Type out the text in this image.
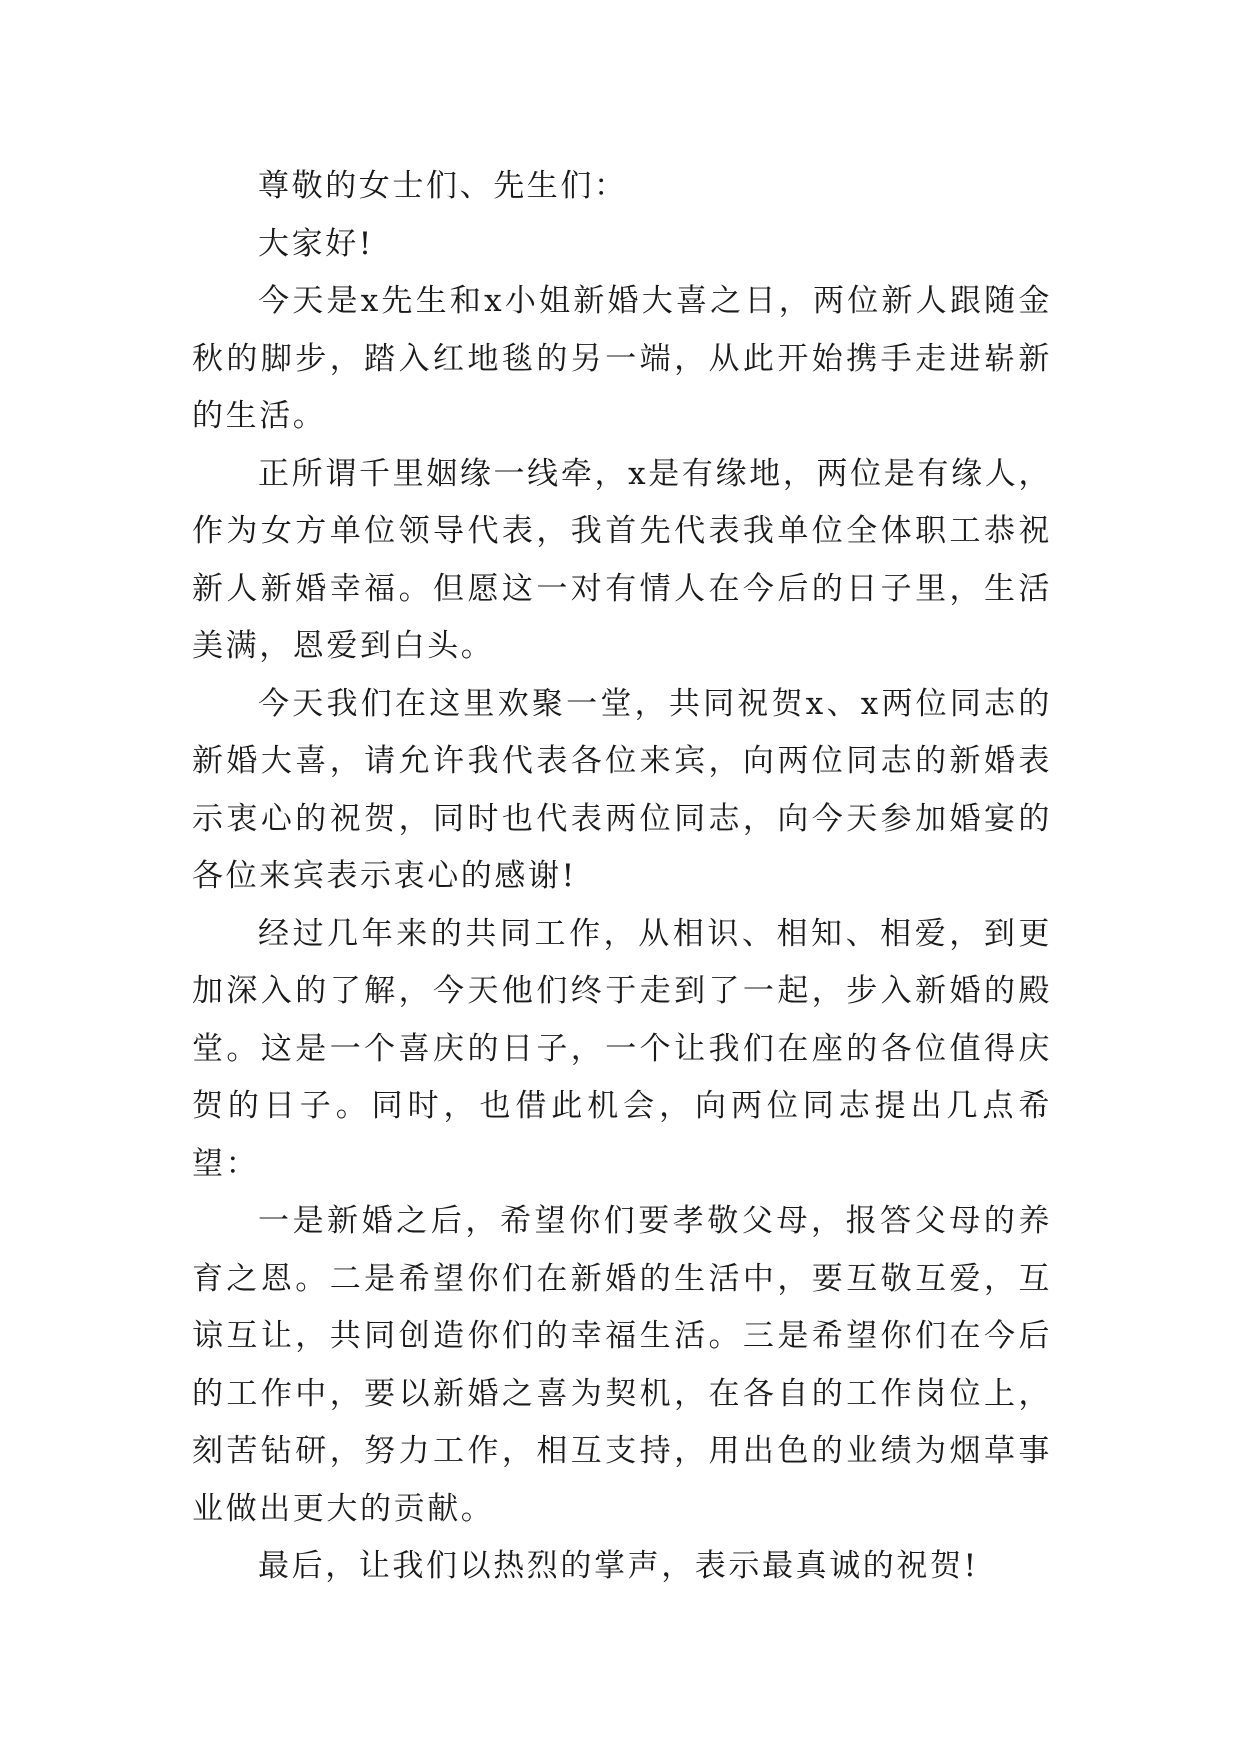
尊敬的女士们、先生们：

大家好!

今天是x先生和x小姐新婚大喜之日，两位新人跟随金秋的脚步，踏入红地毯的另一端，从此开始携手走进崭新的生活。

正所谓千里姻缘一线牵，x是有缘地，两位是有缘人，作为女方单位领导代表，我首先代表我单位全体职工恭祝新人新婚幸福。但愿这一对有情人在今后的日子里，生活美满，恩爱到白头。

今天我们在这里欢聚一堂，共同祝贺x、x两位同志的新婚大喜，请允许我代表各位来宾，向两位同志的新婚表示衷心的祝贺，同时也代表两位同志，向今天参加婚宴的各位来宾表示衷心的感谢!

经过几年来的共同工作，从相识、相知、相爱，到更加深入的了解，今天他们终于走到了一起，步入新婚的殿堂。这是一个喜庆的日子，一个让我们在座的各位值得庆贺的日子。同时，也借此机会，向两位同志提出几点希望：

一是新婚之后，希望你们要孝敬父母，报答父母的养育之恩。二是希望你们在新婚的生活中，要互敬互爱，互谅互让，共同创造你们的幸福生活。三是希望你们在今后的工作中，要以新婚之喜为契机，在各自的工作岗位上，刻苦钻研，努力工作，相互支持，用出色的业绩为烟草事业做出更大的贡献。

最后，让我们以热烈的掌声，表示最真诚的祝贺!
